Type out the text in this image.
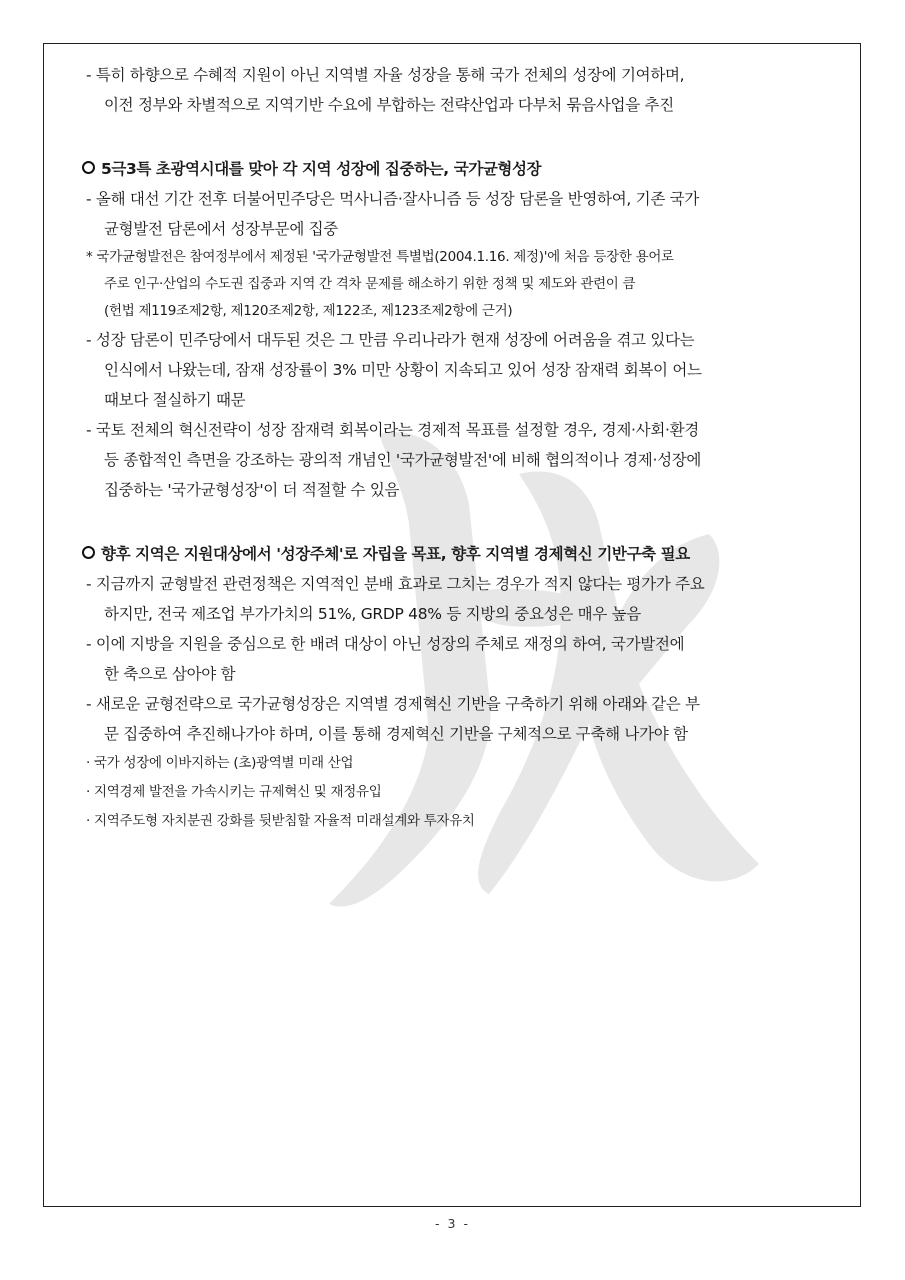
- 특히 하향으로 수혜적 지원이 아닌 지역별 자율 성장을 통해 국가 전체의 성장에 기여하며,
이전 정부와 차별적으로 지역기반 수요에 부합하는 전략산업과 다부처 묶음사업을 추진
5극3특 초광역시대를 맞아 각 지역 성장에 집중하는, 국가균형성장
- 올해 대선 기간 전후 더불어민주당은 먹사니즘·잘사니즘 등 성장 담론을 반영하여, 기존 국가
균형발전 담론에서 성장부문에 집중
* 국가균형발전은 참여정부에서 제정된 '국가균형발전 특별법(2004.1.16. 제정)'에 처음 등장한 용어로
주로 인구·산업의 수도권 집중과 지역 간 격차 문제를 해소하기 위한 정책 및 제도와 관련이 큼
(헌법 제119조제2항, 제120조제2항, 제122조, 제123조제2항에 근거)
- 성장 담론이 민주당에서 대두된 것은 그 만큼 우리나라가 현재 성장에 어려움을 겪고 있다는
인식에서 나왔는데, 잠재 성장률이 3% 미만 상황이 지속되고 있어 성장 잠재력 회복이 어느
때보다 절실하기 때문
- 국토 전체의 혁신전략이 성장 잠재력 회복이라는 경제적 목표를 설정할 경우, 경제·사회·환경
등 종합적인 측면을 강조하는 광의적 개념인 '국가균형발전'에 비해 협의적이나 경제·성장에
집중하는 '국가균형성장'이 더 적절할 수 있음
향후 지역은 지원대상에서 '성장주체'로 자립을 목표, 향후 지역별 경제혁신 기반구축 필요
- 지금까지 균형발전 관련정책은 지역적인 분배 효과로 그치는 경우가 적지 않다는 평가가 주요
하지만, 전국 제조업 부가가치의 51%, GRDP 48% 등 지방의 중요성은 매우 높음
- 이에 지방을 지원을 중심으로 한 배려 대상이 아닌 성장의 주체로 재정의 하여, 국가발전에
한 축으로 삼아야 함
- 새로운 균형전략으로 국가균형성장은 지역별 경제혁신 기반을 구축하기 위해 아래와 같은 부
문 집중하여 추진해나가야 하며, 이를 통해 경제혁신 기반을 구체적으로 구축해 나가야 함
· 국가 성장에 이바지하는 (초)광역별 미래 산업
· 지역경제 발전을 가속시키는 규제혁신 및 재정유입
· 지역주도형 자치분권 강화를 뒷받침할 자율적 미래설계와 투자유치
- 3 -
